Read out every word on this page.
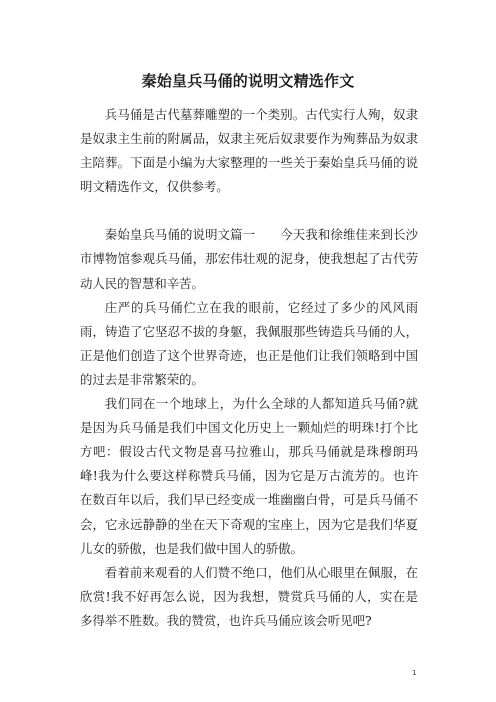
秦始皇兵马俑的说明文精选作文

兵马俑是古代墓葬雕塑的一个类别。古代实行人殉，奴隶是奴隶主生前的附属品，奴隶主死后奴隶要作为殉葬品为奴隶主陪葬。下面是小编为大家整理的一些关于秦始皇兵马俑的说明文精选作文，仅供参考。

秦始皇兵马俑的说明文篇一　　今天我和徐维佳来到长沙市博物馆参观兵马俑，那宏伟壮观的泥身，使我想起了古代劳动人民的智慧和辛苦。

庄严的兵马俑伫立在我的眼前，它经过了多少的风风雨雨，铸造了它坚忍不拔的身躯，我佩服那些铸造兵马俑的人，正是他们创造了这个世界奇迹，也正是他们让我们领略到中国的过去是非常繁荣的。

我们同在一个地球上，为什么全球的人都知道兵马俑?就是因为兵马俑是我们中国文化历史上一颗灿烂的明珠!打个比方吧：假设古代文物是喜马拉雅山，那兵马俑就是珠穆朗玛峰!我为什么要这样称赞兵马俑，因为它是万古流芳的。也许在数百年以后，我们早已经变成一堆幽幽白骨，可是兵马俑不会，它永远静静的坐在天下奇观的宝座上，因为它是我们华夏儿女的骄傲，也是我们做中国人的骄傲。

看着前来观看的人们赞不绝口，他们从心眼里在佩服，在欣赏!我不好再怎么说，因为我想，赞赏兵马俑的人，实在是多得举不胜数。我的赞赏，也许兵马俑应该会听见吧?

1
